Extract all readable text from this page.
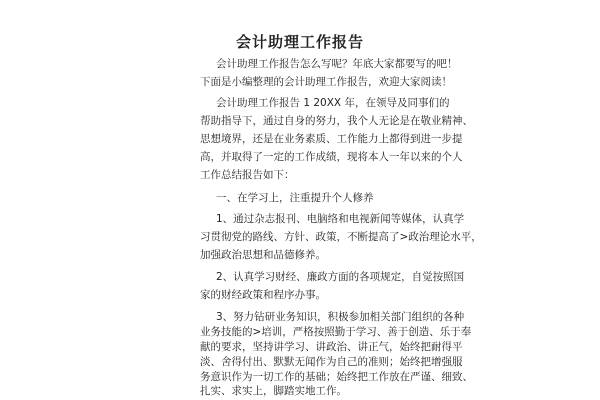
会计助理工作报告
会计助理工作报告怎么写呢？年底大家都要写的吧！
下面是小编整理的会计助理工作报告，欢迎大家阅读！
会计助理工作报告 1 20XX 年，在领导及同事们的
帮助指导下，通过自身的努力，我个人无论是在敬业精神、
思想境界，还是在业务素质、工作能力上都得到进一步提
高，并取得了一定的工作成绩，现将本人一年以来的个人
工作总结报告如下：
一、在学习上，注重提升个人修养
1、通过杂志报刊、电脑络和电视新闻等媒体，认真学
习贯彻党的路线、方针、政策，不断提高了>政治理论水平，
加强政治思想和品德修养。
2、认真学习财经、廉政方面的各项规定，自觉按照国
家的财经政策和程序办事。
3、努力钻研业务知识，积极参加相关部门组织的各种
业务技能的>培训，严格按照勤于学习、善于创造、乐于奉
献的要求，坚持讲学习、讲政治、讲正气，始终把耐得平
淡、舍得付出、默默无闻作为自己的准则；始终把增强服
务意识作为一切工作的基础；始终把工作放在严谨、细致、
扎实、求实上，脚踏实地工作。
